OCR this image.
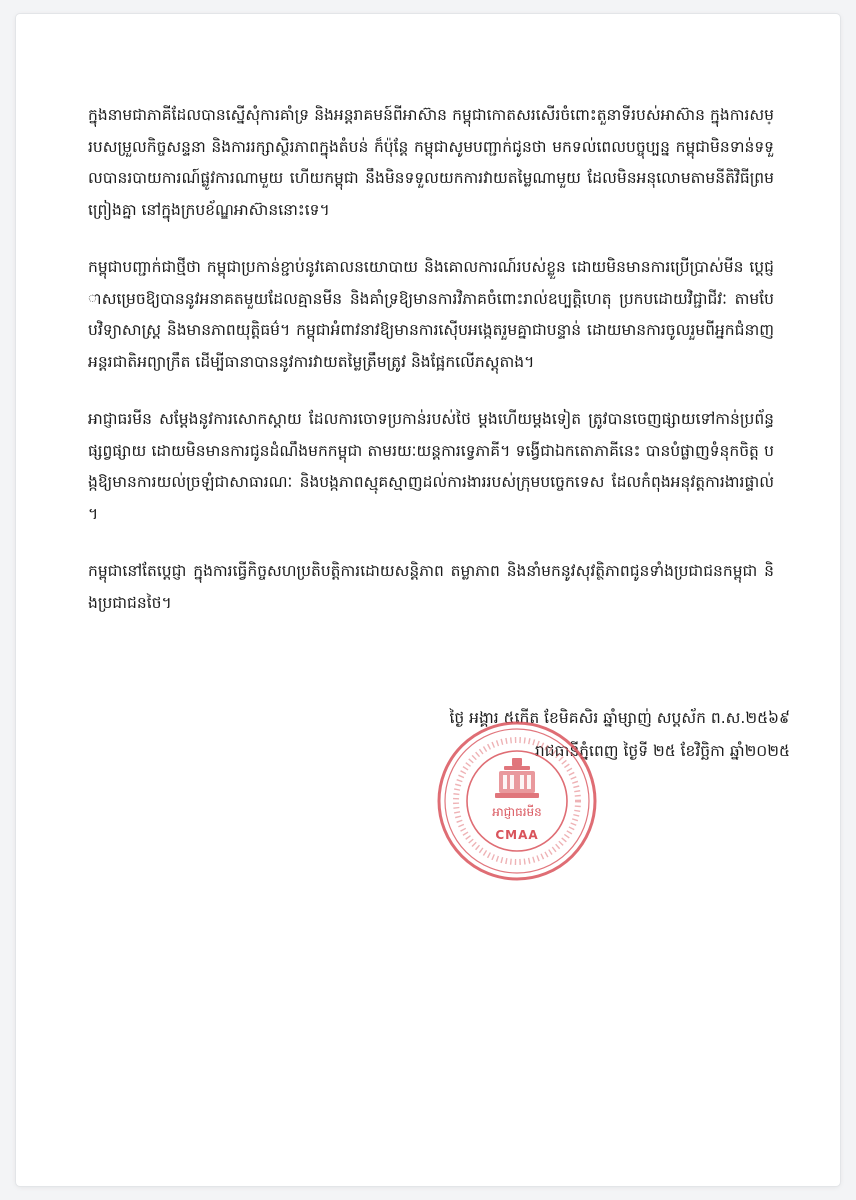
ក្នុងនាមជាភាគីដែលបានស្នើសុំការគាំទ្រ និងអន្តរាគមន៍ពីអាស៊ាន កម្ពុជាកោតសរសើរចំពោះតួនាទីរបស់អាស៊ាន ក្នុងការសម្របសម្រួលកិច្ចសន្ទនា និងការរក្សាស្ថិរភាពក្នុងតំបន់ ក៏ប៉ុន្តែ កម្ពុជាសូមបញ្ជាក់ជូនថា មកទល់ពេលបច្ចុប្បន្ន កម្ពុជាមិនទាន់ទទួលបានរបាយការណ៍ផ្លូវការណាមួយ ហើយកម្ពុជា នឹងមិនទទួលយកការវាយតម្លៃណាមួយ ដែលមិនអនុលោមតាមនីតិវិធីព្រមព្រៀងគ្នា នៅក្នុងក្របខ័ណ្ឌអាស៊ាននោះទេ។

កម្ពុជាបញ្ជាក់ជាថ្មីថា កម្ពុជាប្រកាន់ខ្ជាប់នូវគោលនយោបាយ និងគោលការណ៍របស់ខ្លួន ដោយមិនមានការប្រើប្រាស់មីន ប្តេជ្ញាសម្រេចឱ្យបាននូវអនាគតមួយដែលគ្មានមីន និងគាំទ្រឱ្យមានការវិភាគចំពោះរាល់ឧប្បត្តិហេតុ ប្រកបដោយវិជ្ជាជីវៈ តាមបែបវិទ្យាសាស្ត្រ និងមានភាពយុត្តិធម៌។ កម្ពុជាអំពាវនាវឱ្យមានការស៊ើបអង្កេតរួមគ្នាជាបន្ទាន់ ដោយមានការចូលរួមពីអ្នកជំនាញអន្តរជាតិអព្យាក្រឹត ដើម្បីធានាបាននូវការវាយតម្លៃត្រឹមត្រូវ និងផ្អែកលើភស្តុតាង។

អាជ្ញាធរមីន សម្តែងនូវការសោកស្តាយ ដែលការចោទប្រកាន់របស់ថៃ ម្តងហើយម្តងទៀត ត្រូវបានចេញផ្សាយទៅកាន់ប្រព័ន្ធផ្សព្វផ្សាយ ដោយមិនមានការជូនដំណឹងមកកម្ពុជា តាមរយៈយន្តការទ្វេភាគី។ ទង្វើជាឯកតោភាគីនេះ បានបំផ្លាញទំនុកចិត្ត បង្កឱ្យមានការយល់ច្រឡំជាសាធារណៈ និងបង្កភាពស្មុគស្មាញដល់ការងាររបស់ក្រុមបច្ចេកទេស ដែលកំពុងអនុវត្តការងារផ្ទាល់។

កម្ពុជានៅតែប្តេជ្ញា ក្នុងការធ្វើកិច្ចសហប្រតិបត្តិការដោយសន្តិភាព តម្លាភាព និងនាំមកនូវសុវត្ថិភាពជូនទាំងប្រជាជនកម្ពុជា និងប្រជាជនថៃ។

ថ្ងៃ អង្គារ ៥កើត ខែមិគសិរ ឆ្នាំម្សាញ់ សប្តស័ក ព.ស.២៥៦៩
រាជធានីភ្នំពេញ ថ្ងៃទី ២៥ ខែវិច្ឆិកា ឆ្នាំ២០២៥
អាជ្ញាធរមីន
CMAA
